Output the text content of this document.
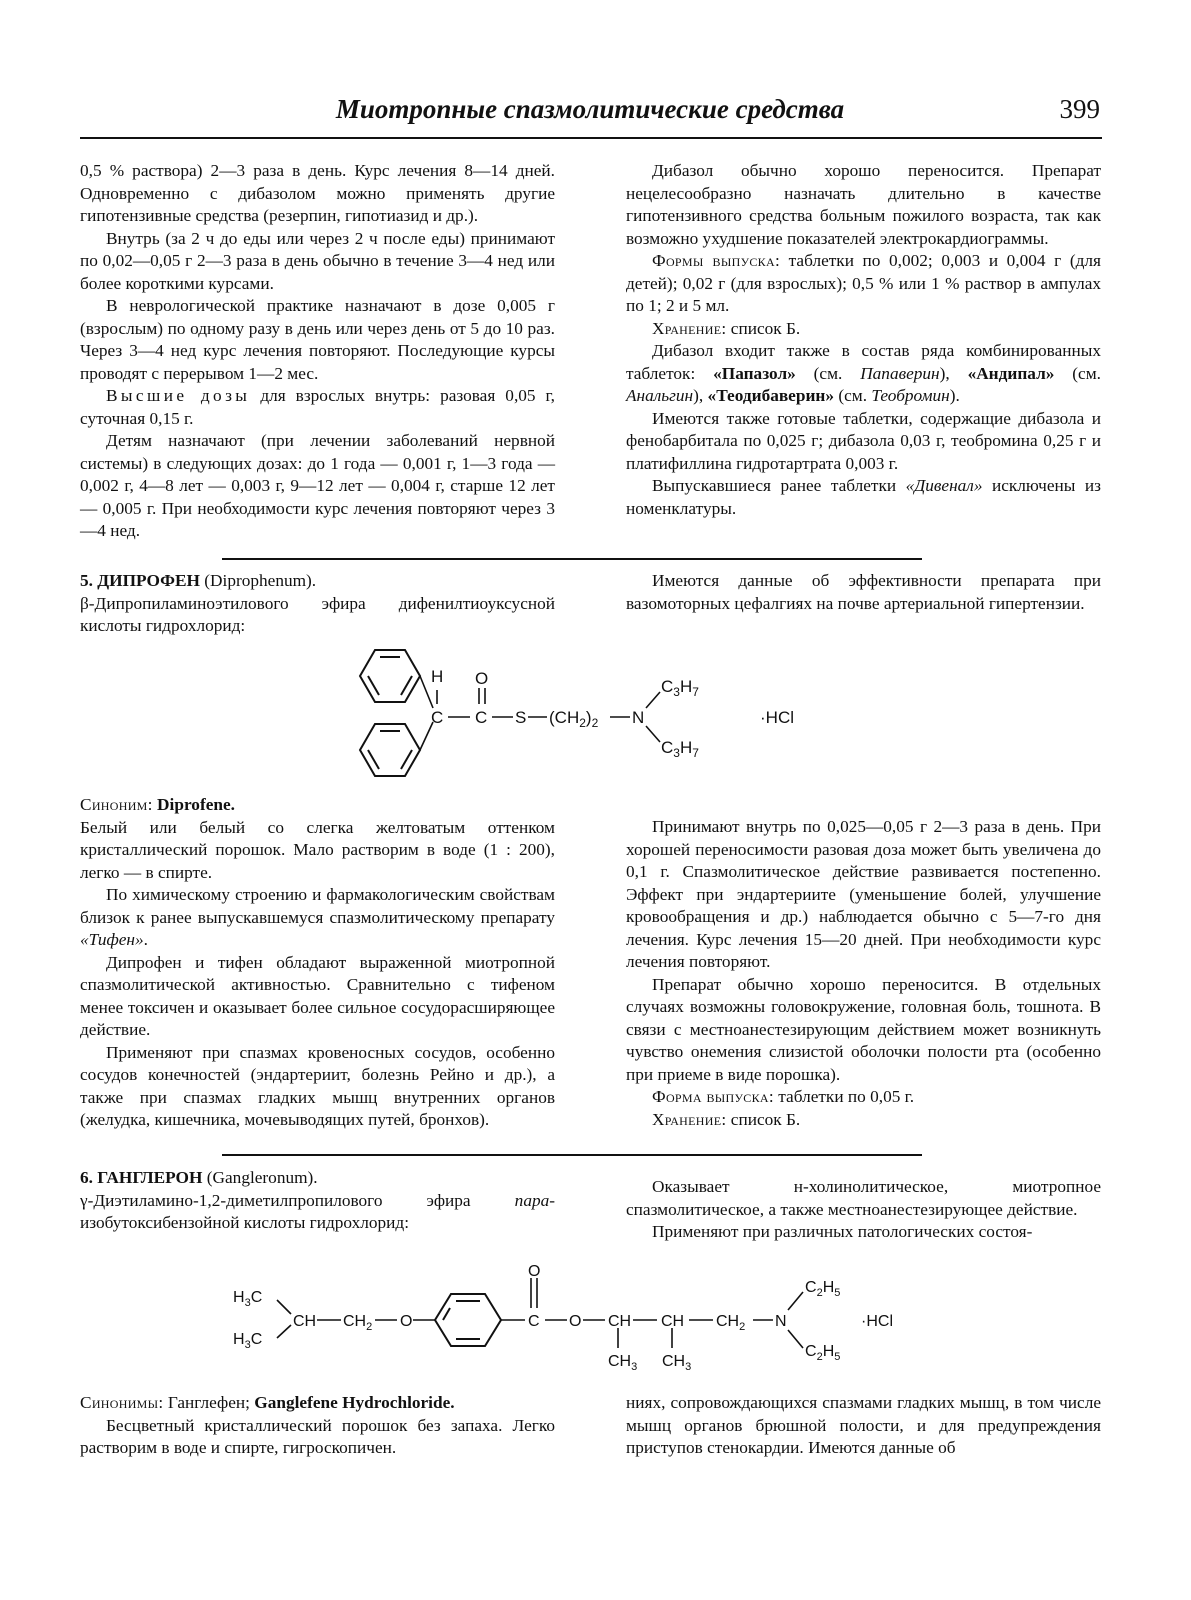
Миотропные спазмолитические средства	399

0,5 % раствора) 2—3 раза в день. Курс лечения 8—14 дней. Одновременно с дибазолом можно применять другие гипотензивные средства (резерпин, гипотиазид и др.).

Внутрь (за 2 ч до еды или через 2 ч после еды) принимают по 0,02—0,05 г 2—3 раза в день обычно в течение 3—4 нед или более короткими курсами.

В неврологической практике назначают в дозе 0,005 г (взрослым) по одному разу в день или через день от 5 до 10 раз. Через 3—4 нед курс лечения повторяют. Последующие курсы проводят с перерывом 1—2 мес.

Высшие дозы для взрослых внутрь: разовая 0,05 г, суточная 0,15 г.

Детям назначают (при лечении заболеваний нервной системы) в следующих дозах: до 1 года — 0,001 г, 1—3 года — 0,002 г, 4—8 лет — 0,003 г, 9—12 лет — 0,004 г, старше 12 лет — 0,005 г. При необходимости курс лечения повторяют через 3—4 нед.

Дибазол обычно хорошо переносится. Препарат нецелесообразно назначать длительно в качестве гипотензивного средства больным пожилого возраста, так как возможно ухудшение показателей электрокардиограммы.

Формы выпуска: таблетки по 0,002; 0,003 и 0,004 г (для детей); 0,02 г (для взрослых); 0,5 % или 1 % раствор в ампулах по 1; 2 и 5 мл.

Хранение: список Б.

Дибазол входит также в состав ряда комбинированных таблеток: «Папазол» (см. Папаверин), «Андипал» (см. Анальгин), «Теодибаверин» (см. Теобромин).

Имеются также готовые таблетки, содержащие дибазола и фенобарбитала по 0,025 г; дибазола 0,03 г, теобромина 0,25 г и платифиллина гидротартрата 0,003 г.

Выпускавшиеся ранее таблетки «Дивенал» исключены из номенклатуры.

5. ДИПРОФЕН (Diprophenum).

β-Дипропиламиноэтилового эфира дифенилтиоуксусной кислоты гидрохлорид:

Имеются данные об эффективности препарата при вазомоторных цефалгиях на почве артериальной гипертензии.

H O
C C S $(CH_2)_2$ N
$C_3H_7$
$C_3H_7$
·HCl

Синоним: Diprofene.

Белый или белый со слегка желтоватым оттенком кристаллический порошок. Мало растворим в воде (1 : 200), легко — в спирте.

По химическому строению и фармакологическим свойствам близок к ранее выпускавшемуся спазмолитическому препарату «Тифен».

Дипрофен и тифен обладают выраженной миотропной спазмолитической активностью. Сравнительно с тифеном менее токсичен и оказывает более сильное сосудорасширяющее действие.

Применяют при спазмах кровеносных сосудов, особенно сосудов конечностей (эндартериит, болезнь Рейно и др.), а также при спазмах гладких мышц внутренних органов (желудка, кишечника, мочевыводящих путей, бронхов).

Принимают внутрь по 0,025—0,05 г 2—3 раза в день. При хорошей переносимости разовая доза может быть увеличена до 0,1 г. Спазмолитическое действие развивается постепенно. Эффект при эндартериите (уменьшение болей, улучшение кровообращения и др.) наблюдается обычно с 5—7-го дня лечения. Курс лечения 15—20 дней. При необходимости курс лечения повторяют.

Препарат обычно хорошо переносится. В отдельных случаях возможны головокружение, головная боль, тошнота. В связи с местноанестезирующим действием может возникнуть чувство онемения слизистой оболочки полости рта (особенно при приеме в виде порошка).

Форма выпуска: таблетки по 0,05 г.

Хранение: список Б.

6. ГАНГЛЕРОН (Gangleronum).

γ-Диэтиламино-1,2-диметилпропилового эфира пара-изобутоксибензойной кислоты гидрохлорид:

Оказывает н-холинолитическое, миотропное спазмолитическое, а также местноанестезирующее действие.

Применяют при различных патологических состоя-

$H_3C$
$H_3C$
CH $CH_2$ O
O
C O CH CH
$CH_3$ $CH_3$
$CH_2$ N
$C_2H_5$
$C_2H_5$
·HCl

Синонимы: Ганглефен; Ganglefene Hydrochloride.

Бесцветный кристаллический порошок без запаха. Легко растворим в воде и спирте, гигроскопичен.

ниях, сопровождающихся спазмами гладких мышц, в том числе мышц органов брюшной полости, и для предупреждения приступов стенокардии. Имеются данные об
